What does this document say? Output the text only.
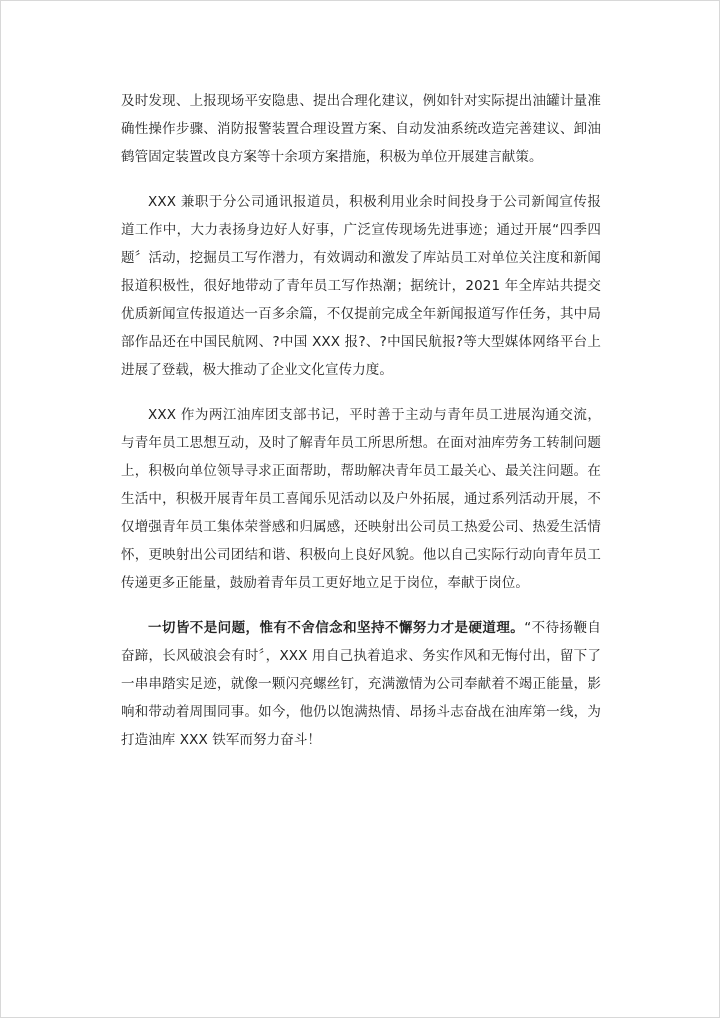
及时发现、上报现场平安隐患、提出合理化建议，例如针对实际提出油罐计量准确性操作步骤、消防报警装置合理设置方案、自动发油系统改造完善建议、卸油鹤管固定装置改良方案等十余项方案措施，积极为单位开展建言献策。

XXX 兼职于分公司通讯报道员，积极利用业余时间投身于公司新闻宣传报道工作中，大力表扬身边好人好事，广泛宣传现场先进事迹；通过开展“四季四题〞活动，挖掘员工写作潜力，有效调动和激发了库站员工对单位关注度和新闻报道积极性，很好地带动了青年员工写作热潮；据统计，2021 年全库站共提交优质新闻宣传报道达一百多余篇，不仅提前完成全年新闻报道写作任务，其中局部作品还在中国民航网、?中国 XXX 报?、?中国民航报?等大型媒体网络平台上进展了登载，极大推动了企业文化宣传力度。

XXX 作为两江油库团支部书记，平时善于主动与青年员工进展沟通交流，与青年员工思想互动，及时了解青年员工所思所想。在面对油库劳务工转制问题上，积极向单位领导寻求正面帮助，帮助解决青年员工最关心、最关注问题。在生活中，积极开展青年员工喜闻乐见活动以及户外拓展，通过系列活动开展，不仅增强青年员工集体荣誉感和归属感，还映射出公司员工热爱公司、热爱生活情怀，更映射出公司团结和谐、积极向上良好风貌。他以自己实际行动向青年员工传递更多正能量，鼓励着青年员工更好地立足于岗位，奉献于岗位。

一切皆不是问题，惟有不舍信念和坚持不懈努力才是硬道理。“不待扬鞭自奋蹄，长风破浪会有时〞，XXX 用自己执着追求、务实作风和无悔付出，留下了一串串踏实足迹，就像一颗闪亮螺丝钉，充满激情为公司奉献着不竭正能量，影响和带动着周围同事。如今，他仍以饱满热情、昂扬斗志奋战在油库第一线，为打造油库 XXX 铁军而努力奋斗！
